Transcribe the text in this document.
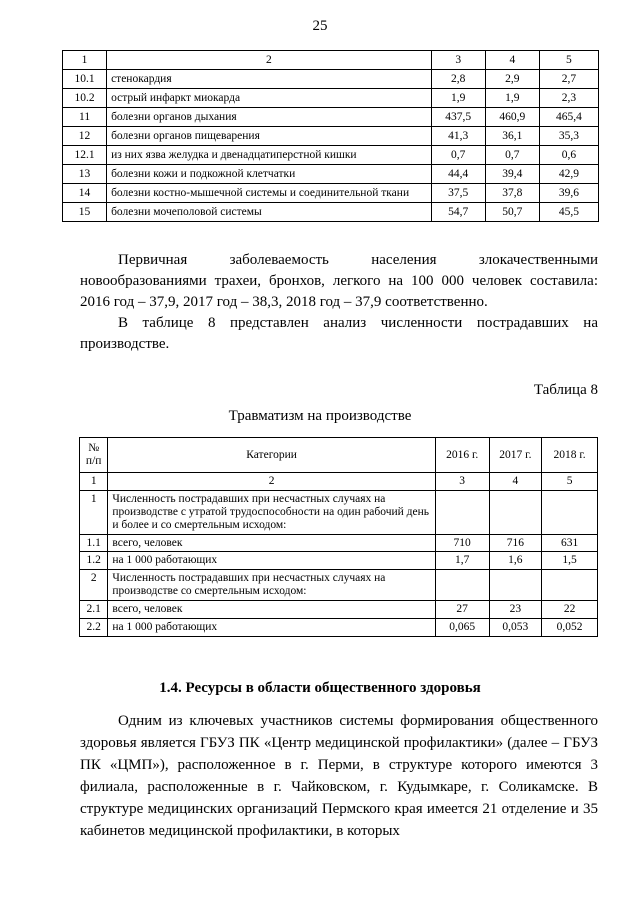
25
1	2	3	4	5
10.1	стенокардия	2,8	2,9	2,7
10.2	острый инфаркт миокарда	1,9	1,9	2,3
11	болезни органов дыхания	437,5	460,9	465,4
12	болезни органов пищеварения	41,3	36,1	35,3
12.1	из них язва желудка и двенадцатиперстной кишки	0,7	0,7	0,6
13	болезни кожи и подкожной клетчатки	44,4	39,4	42,9
14	болезни костно-мышечной системы и соединительной ткани	37,5	37,8	39,6
15	болезни мочеполовой системы	54,7	50,7	45,5
Первичная заболеваемость населения злокачественными новообразованиями трахеи, бронхов, легкого на 100 000 человек составила: 2016 год – 37,9, 2017 год – 38,3, 2018 год – 37,9 соответственно.
В таблице 8 представлен анализ численности пострадавших на производстве.
Таблица 8
Травматизм на производстве
№ п/п	Категории	2016 г.	2017 г.	2018 г.
1	2	3	4	5
1	Численность пострадавших при несчастных случаях на производстве с утратой трудоспособности на один рабочий день и более и со смертельным исходом:			
1.1	всего, человек	710	716	631
1.2	на 1 000 работающих	1,7	1,6	1,5
2	Численность пострадавших при несчастных случаях на производстве со смертельным исходом:			
2.1	всего, человек	27	23	22
2.2	на 1 000 работающих	0,065	0,053	0,052
1.4. Ресурсы в области общественного здоровья
Одним из ключевых участников системы формирования общественного здоровья является ГБУЗ ПК «Центр медицинской профилактики» (далее – ГБУЗ ПК «ЦМП»), расположенное в г. Перми, в структуре которого имеются 3 филиала, расположенные в г. Чайковском, г. Кудымкаре, г. Соликамске. В структуре медицинских организаций Пермского края имеется 21 отделение и 35 кабинетов медицинской профилактики, в которых
